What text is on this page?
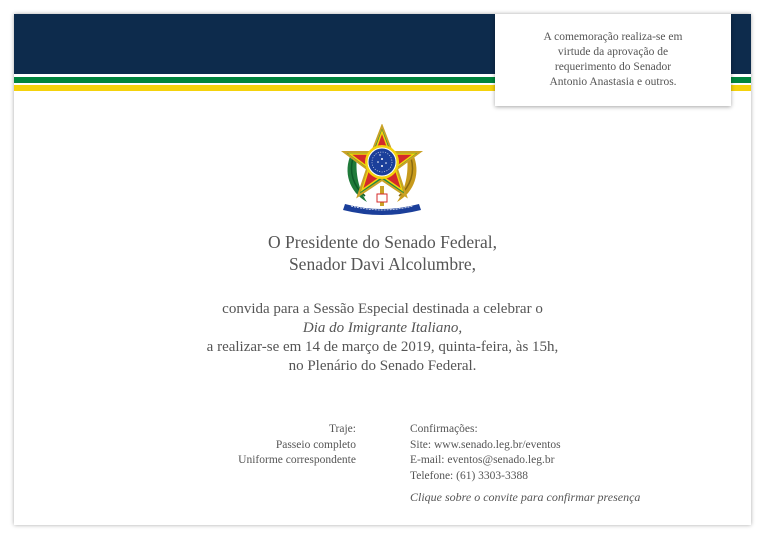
A comemoração realiza-se em
virtude da aprovação de
requerimento do Senador
Antonio Anastasia e outros.
O Presidente do Senado Federal,
Senador Davi Alcolumbre,
convida para a Sessão Especial destinada a celebrar o
Dia do Imigrante Italiano,
a realizar-se em 14 de março de 2019, quinta-feira, às 15h,
no Plenário do Senado Federal.
Traje:
Passeio completo
Uniforme correspondente
Confirmações:
Site: www.senado.leg.br/eventos
E-mail: eventos@senado.leg.br
Telefone: (61) 3303-3388
Clique sobre o convite para confirmar presença
